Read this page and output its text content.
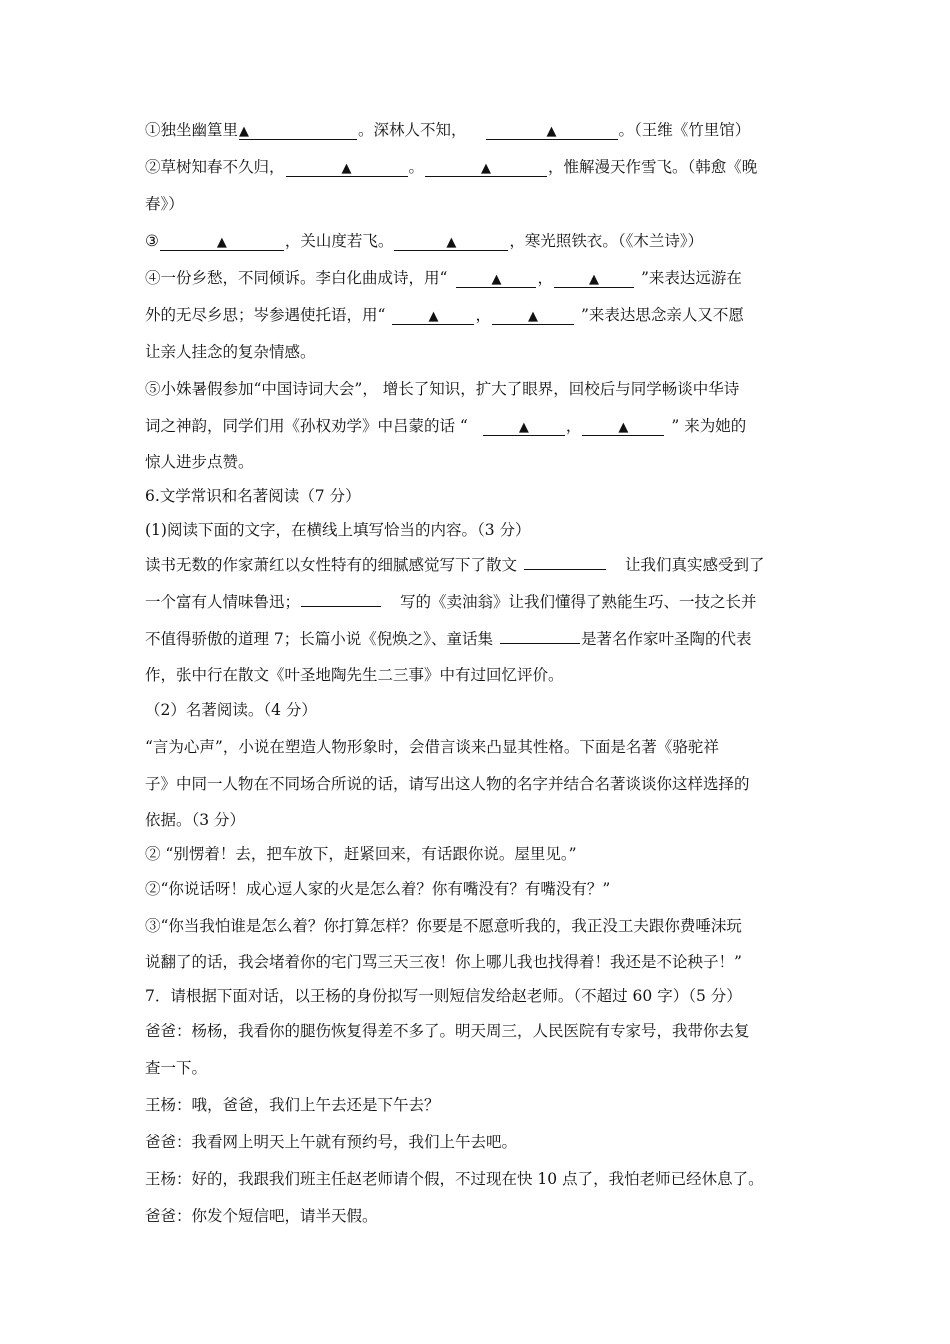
①独坐幽篁里▲	。深林人不知，	▲	。（王维《竹里馆）
②草树知春不久归，	▲	。	▲	，惟解漫天作雪飞。（韩愈《晚
春》）
③	▲	，关山度若飞。	▲	，寒光照铁衣。（《木兰诗》）
④一份乡愁，不同倾诉。李白化曲成诗，用“	▲ ，	▲	”来表达远游在
外的无尽乡思；岑参遇使托语，用“	▲ ，	▲	”来表达思念亲人又不愿
让亲人挂念的复杂情感。
⑤小姝暑假参加“中国诗词大会”， 增长了知识，扩大了眼界，回校后与同学畅谈中华诗
词之神韵，同学们用《孙权劝学》中吕蒙的话 “	▲ ，	▲	” 来为她的
惊人进步点赞。
6.文学常识和名著阅读（7 分）
(1)阅读下面的文字，在横线上填写恰当的内容。（3 分）
读书无数的作家萧红以女性特有的细腻感觉写下了散文	让我们真实感受到了
一个富有人情味鲁迅；	写的《卖油翁》让我们懂得了熟能生巧、一技之长并
不值得骄傲的道理 7；长篇小说《倪焕之》、童话集	是著名作家叶圣陶的代表
作，张中行在散文《叶圣地陶先生二三事》中有过回忆评价。
（2）名著阅读。（4 分）
“言为心声”，小说在塑造人物形象时，会借言谈来凸显其性格。下面是名著《骆驼祥
子》中同一人物在不同场合所说的话，请写出这人物的名字并结合名著谈谈你这样选择的
依据。（3 分）
② “别愣着！去，把车放下，赶紧回来，有话跟你说。屋里见。”
②“你说话呀！成心逗人家的火是怎么着？你有嘴没有？有嘴没有？”
③“你当我怕谁是怎么着？你打算怎样？你要是不愿意听我的，我正没工夫跟你费唾沫玩
说翻了的话，我会堵着你的宅门骂三天三夜！你上哪儿我也找得着！我还是不论秧子！”
7．请根据下面对话，以王杨的身份拟写一则短信发给赵老师。（不超过 60 字）（5 分）
爸爸：杨杨，我看你的腿伤恢复得差不多了。明天周三，人民医院有专家号，我带你去复
查一下。
王杨：哦，爸爸，我们上午去还是下午去？
爸爸：我看网上明天上午就有预约号，我们上午去吧。
王杨：好的，我跟我们班主任赵老师请个假，不过现在快 10 点了，我怕老师已经休息了。
爸爸：你发个短信吧，请半天假。
